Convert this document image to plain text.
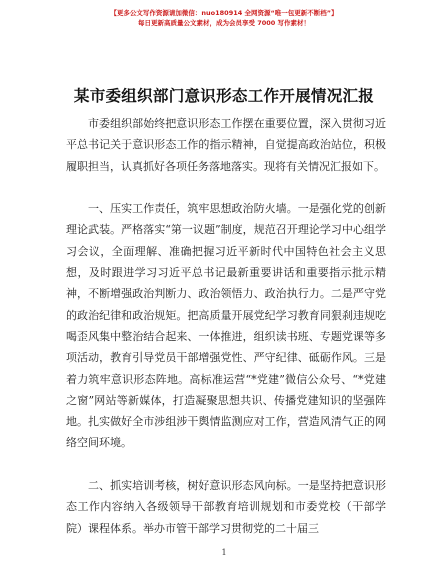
【更多公文写作资源请加微信：nuo180914 全网资源“唯一包更新不断档”】
每日更新高质量公文素材，成为会员享受 7000 写作素材！
某市委组织部门意识形态工作开展情况汇报

市委组织部始终把意识形态工作摆在重要位置，深入贯彻习近平总书记关于意识形态工作的指示精神，自觉提高政治站位，积极履职担当，认真抓好各项任务落地落实。现将有关情况汇报如下。

一、压实工作责任，筑牢思想政治防火墙。一是强化党的创新理论武装。严格落实“第一议题”制度，规范召开理论学习中心组学习会议，全面理解、准确把握习近平新时代中国特色社会主义思想，及时跟进学习习近平总书记最新重要讲话和重要指示批示精神，不断增强政治判断力、政治领悟力、政治执行力。二是严守党的政治纪律和政治规矩。把高质量开展党纪学习教育同狠刹违规吃喝歪风集中整治结合起来、一体推进，组织读书班、专题党课等多项活动，教育引导党员干部增强党性、严守纪律、砥砺作风。三是着力筑牢意识形态阵地。高标准运营“*党建”微信公众号、“*党建之窗”网站等新媒体，打造凝聚思想共识、传播党建知识的坚强阵地。扎实做好全市涉组涉干舆情监测应对工作，营造风清气正的网络空间环境。

二、抓实培训考核，树好意识形态风向标。一是坚持把意识形态工作内容纳入各级领导干部教育培训规划和市委党校（干部学院）课程体系。举办市管干部学习贯彻党的二十届三

1
